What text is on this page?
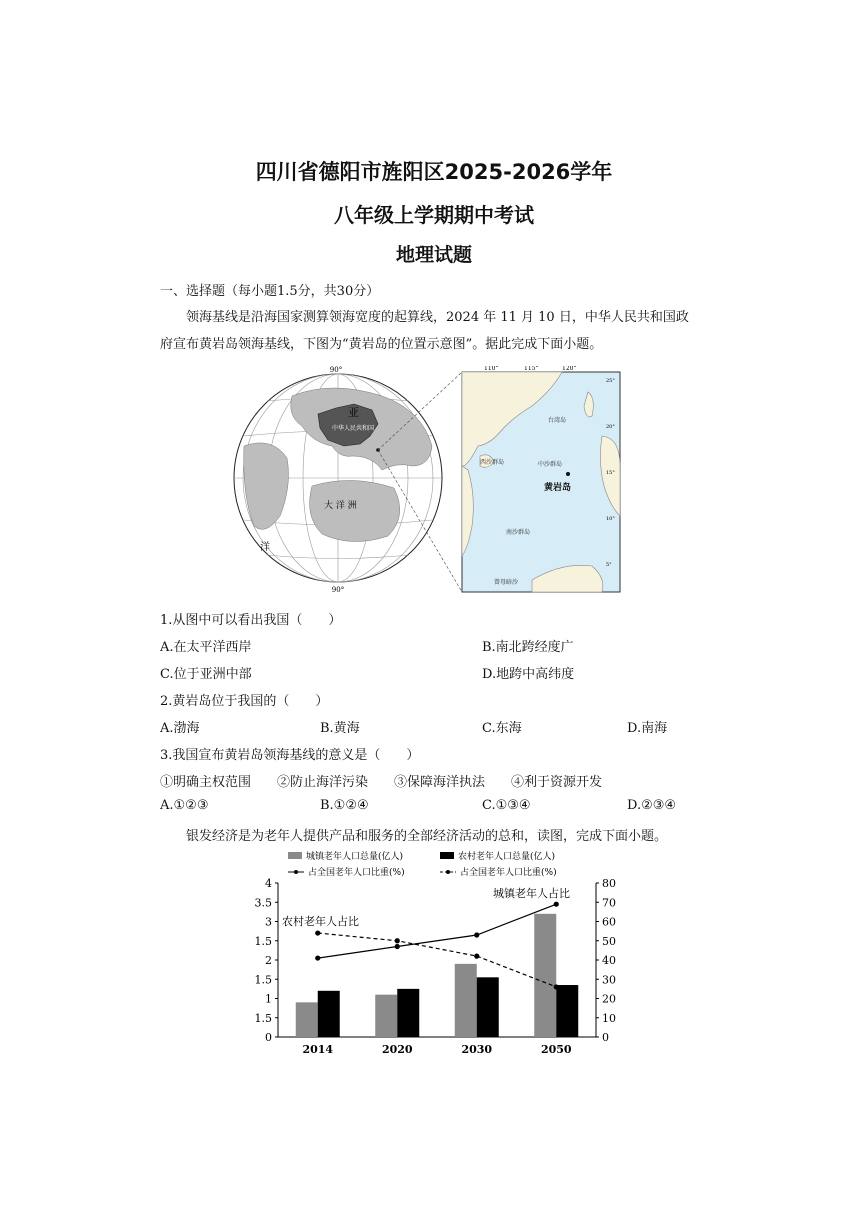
四川省德阳市旌阳区2025-2026学年
八年级上学期期中考试
地理试题
一、选择题（每小题1.5分，共30分）
领海基线是沿海国家测算领海宽度的起算线，2024 年 11 月 10 日，中华人民共和国政
府宣布黄岩岛领海基线，下图为“黄岩岛的位置示意图”。据此完成下面小题。
90°
90°
亚
中华人民共和国
大 洋 洲
洋
110°	115°	120°
25°
20°
15°
10°
5°
台湾岛
西沙群岛	中沙群岛
黄岩岛
南沙群岛
曾母暗沙
1.从图中可以看出我国（　　）
A.在太平洋西岸	B.南北跨经度广
C.位于亚洲中部	D.地跨中高纬度
2.黄岩岛位于我国的（　　）
A.渤海	B.黄海	C.东海	D.南海
3.我国宣布黄岩岛领海基线的意义是（　　）
①明确主权范围　　②防止海洋污染　　③保障海洋执法　　④利于资源开发
A.①②③	B.①②④	C.①③④	D.②③④
银发经济是为老年人提供产品和服务的全部经济活动的总和，读图，完成下面小题。
城镇老年人口总量(亿人)	农村老年人口总量(亿人)
占全国老年人口比重(%)	占全国老年人口比重(%)
4
3.5
3
1.5
2
1.5
1
1.5
0
80
70
60
50
40
30
20
10
0
2014	2020	2030	2050
城镇老年人占比
农村老年人占比
